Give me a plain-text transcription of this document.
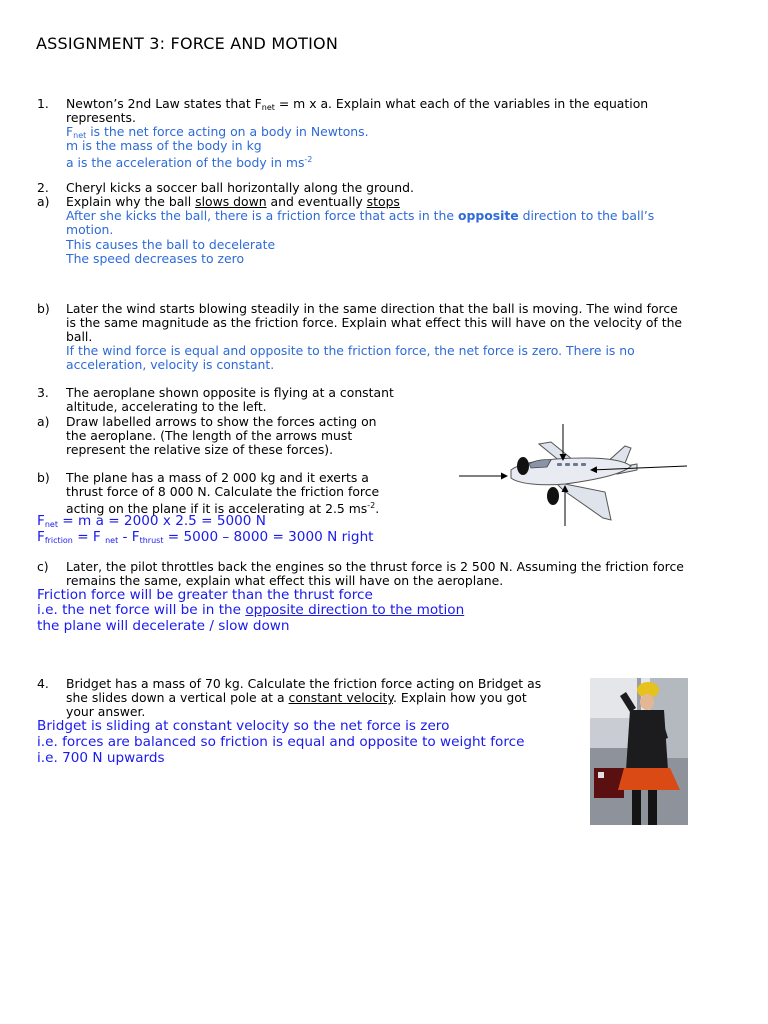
ASSIGNMENT 3: FORCE AND MOTION
1. Newton’s 2nd Law states that $F_{net} = m$ x a. Explain what each of the variables in the equation
represents.
$F_{net}$ is the net force acting on a body in Newtons.
m is the mass of the body in kg
a is the acceleration of the body in $ms^{-2}$
2. Cheryl kicks a soccer ball horizontally along the ground.
a) Explain why the ball slows down and eventually stops
After she kicks the ball, there is a friction force that acts in the opposite direction to the ball’s
motion.
This causes the ball to decelerate
The speed decreases to zero
b) Later the wind starts blowing steadily in the same direction that the ball is moving. The wind force
is the same magnitude as the friction force. Explain what effect this will have on the velocity of the
ball.
If the wind force is equal and opposite to the friction force, the net force is zero. There is no
acceleration, velocity is constant.
3. The aeroplane shown opposite is flying at a constant
altitude, accelerating to the left.
a) Draw labelled arrows to show the forces acting on
the aeroplane. (The length of the arrows must
represent the relative size of these forces).
b) The plane has a mass of 2 000 kg and it exerts a
thrust force of 8 000 N. Calculate the friction force
acting on the plane if it is accelerating at 2.5 $ms^{-2}$.
$F_{net} = m$ a = 2000 x 2.5 = 5000 N
$F_{friction} = F$ $_{net} - F_{thrust} = 5000 - 8000 = 3000$ N right
c) Later, the pilot throttles back the engines so the thrust force is 2 500 N. Assuming the friction force
remains the same, explain what effect this will have on the aeroplane.
Friction force will be greater than the thrust force
i.e. the net force will be in the opposite direction to the motion
the plane will decelerate / slow down
4. Bridget has a mass of 70 kg. Calculate the friction force acting on Bridget as
she slides down a vertical pole at a constant velocity. Explain how you got
your answer.
Bridget is sliding at constant velocity so the net force is zero
i.e. forces are balanced so friction is equal and opposite to weight force
i.e. 700 N upwards
